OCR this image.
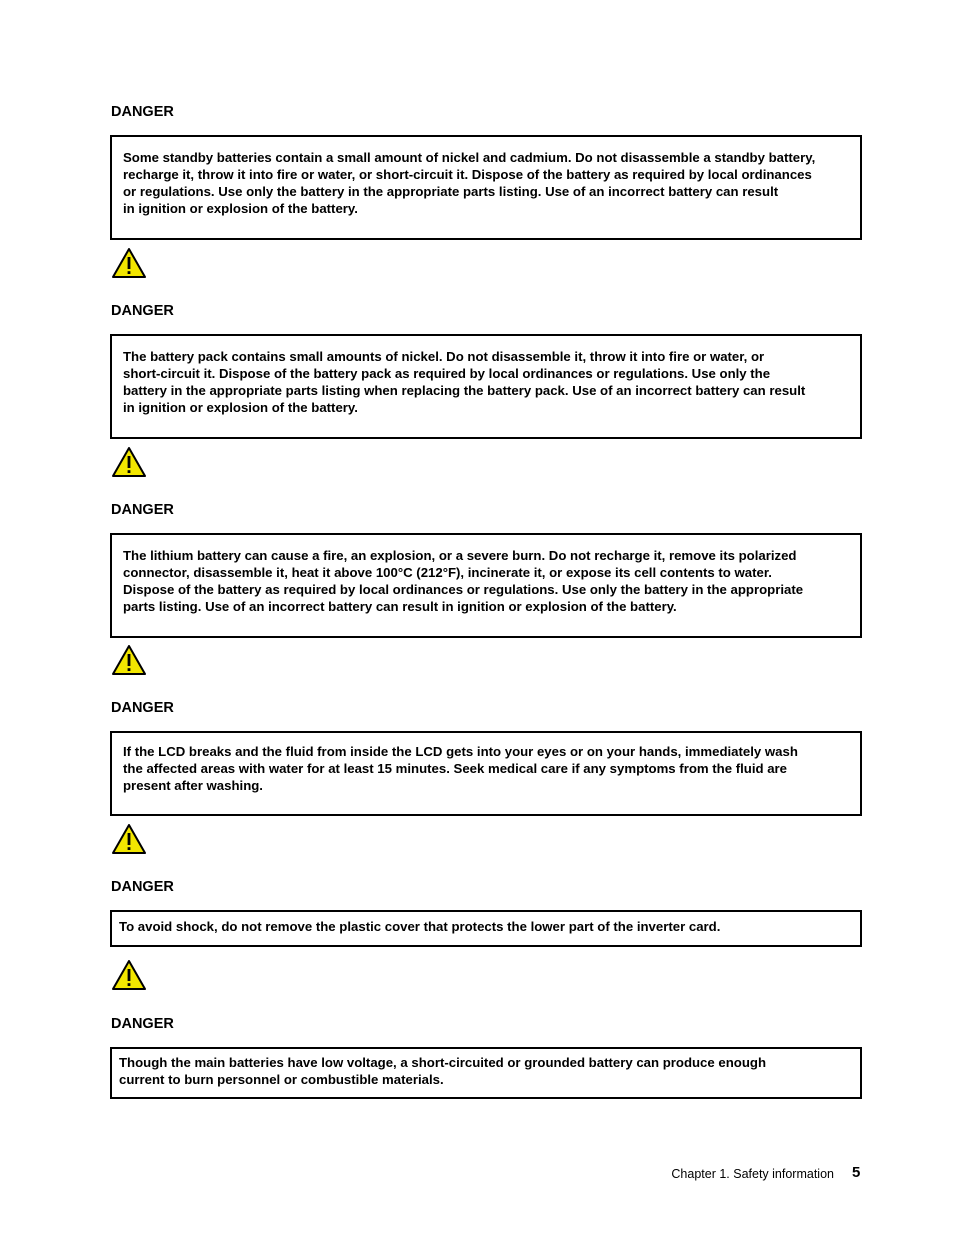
DANGER

Some standby batteries contain a small amount of nickel and cadmium. Do not disassemble a standby battery,

recharge it, throw it into fire or water, or short-circuit it. Dispose of the battery as required by local ordinances

or regulations. Use only the battery in the appropriate parts listing. Use of an incorrect battery can result

in ignition or explosion of the battery.

DANGER

The battery pack contains small amounts of nickel. Do not disassemble it, throw it into fire or water, or

short-circuit it. Dispose of the battery pack as required by local ordinances or regulations. Use only the

battery in the appropriate parts listing when replacing the battery pack. Use of an incorrect battery can result

in ignition or explosion of the battery.

DANGER

The lithium battery can cause a fire, an explosion, or a severe burn. Do not recharge it, remove its polarized

connector, disassemble it, heat it above 100°C (212°F), incinerate it, or expose its cell contents to water.

Dispose of the battery as required by local ordinances or regulations. Use only the battery in the appropriate

parts listing. Use of an incorrect battery can result in ignition or explosion of the battery.

DANGER

If the LCD breaks and the fluid from inside the LCD gets into your eyes or on your hands, immediately wash

the affected areas with water for at least 15 minutes. Seek medical care if any symptoms from the fluid are

present after washing.

DANGER

To avoid shock, do not remove the plastic cover that protects the lower part of the inverter card.

DANGER

Though the main batteries have low voltage, a short-circuited or grounded battery can produce enough

current to burn personnel or combustible materials.

Chapter 1. Safety information 5
